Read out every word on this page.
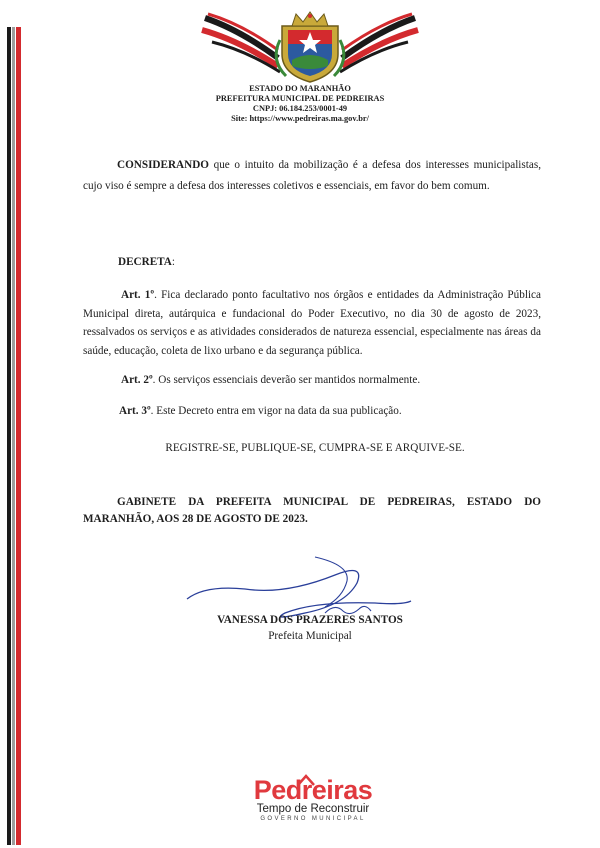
ESTADO DO MARANHÃO
PREFEITURA MUNICIPAL DE PEDREIRAS
CNPJ: 06.184.253/0001-49
Site: https://www.pedreiras.ma.gov.br/
CONSIDERANDO que o intuito da mobilização é a defesa dos interesses municipalistas, cujo viso é sempre a defesa dos interesses coletivos e essenciais, em favor do bem comum.
DECRETA:
Art. 1º. Fica declarado ponto facultativo nos órgãos e entidades da Administração Pública Municipal direta, autárquica e fundacional do Poder Executivo, no dia 30 de agosto de 2023, ressalvados os serviços e as atividades considerados de natureza essencial, especialmente nas áreas da saúde, educação, coleta de lixo urbano e da segurança pública.
Art. 2º. Os serviços essenciais deverão ser mantidos normalmente.
Art. 3º. Este Decreto entra em vigor na data da sua publicação.
REGISTRE-SE, PUBLIQUE-SE, CUMPRA-SE E ARQUIVE-SE.
GABINETE DA PREFEITA MUNICIPAL DE PEDREIRAS, ESTADO DO MARANHÃO, AOS 28 DE AGOSTO DE 2023.
VANESSA DOS PRAZERES SANTOS
Prefeita Municipal
Pedreiras
Tempo de Reconstruir
GOVERNO MUNICIPAL
